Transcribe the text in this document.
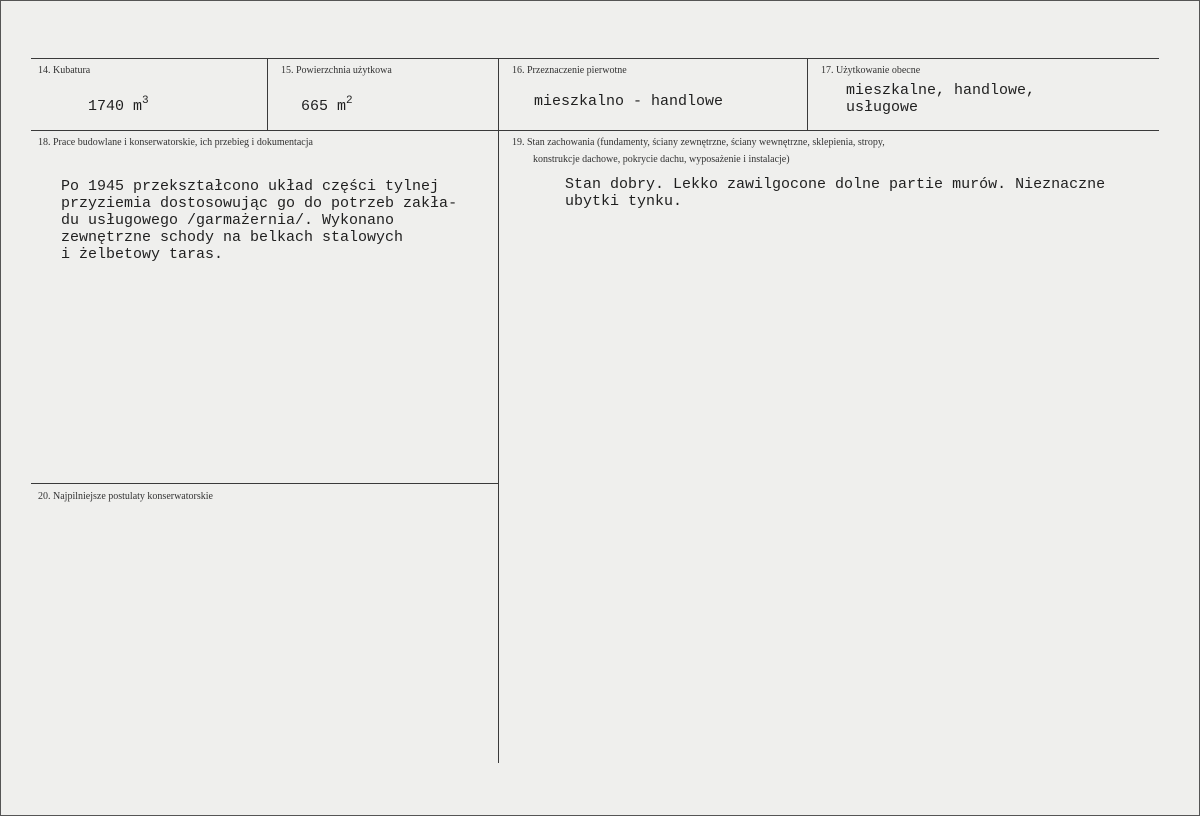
14. Kubatura
1740 $m^3$
15. Powierzchnia użytkowa
665 $m^2$
16. Przeznaczenie pierwotne
mieszkalno - handlowe
17. Użytkowanie obecne
mieszkalne, handlowe,
usługowe
18. Prace budowlane i konserwatorskie, ich przebieg i dokumentacja
Po 1945 przekształcono układ części tylnej
przyziemia dostosowując go do potrzeb zakła-
du usługowego /garmażernia/. Wykonano
zewnętrzne schody na belkach stalowych
i żelbetowy taras.
19. Stan zachowania (fundamenty, ściany zewnętrzne, ściany wewnętrzne, sklepienia, stropy,
konstrukcje dachowe, pokrycie dachu, wyposażenie i instalacje)
Stan dobry. Lekko zawilgocone dolne partie murów. Nieznaczne
ubytki tynku.
20. Najpilniejsze postulaty konserwatorskie
